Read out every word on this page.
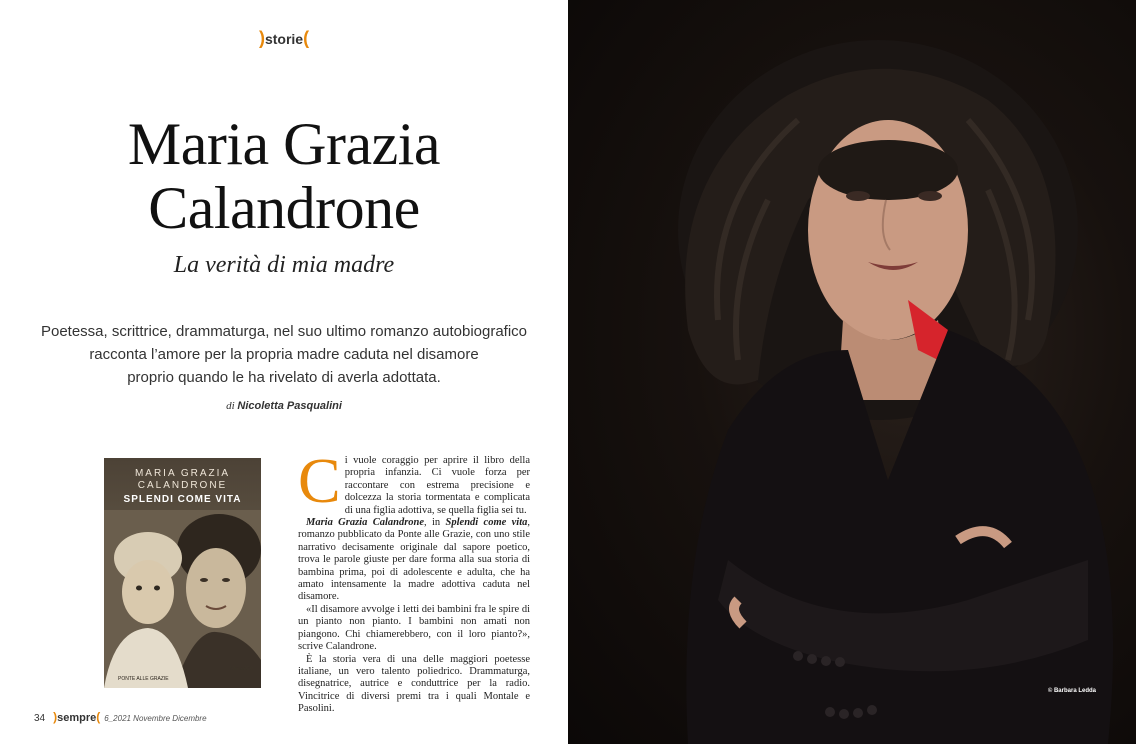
)storie(
Maria Grazia
Calandrone
La verità di mia madre
Poetessa, scrittrice, drammaturga, nel suo ultimo romanzo autobiografico
racconta l’amore per la propria madre caduta nel disamore
proprio quando le ha rivelato di averla adottata.
di Nicoletta Pasqualini
MARIA GRAZIA
CALANDRONE
SPLENDI COME VITA
romanzo
PONTE ALLE GRAZIE

Ci vuole coraggio per aprire il libro della propria infanzia. Ci vuole forza per raccontare con estrema precisione e dolcezza la storia tormentata e complicata di una figlia adottiva, se quella figlia sei tu.

Maria Grazia Calandrone, in Splendi come vita, romanzo pubblicato da Ponte alle Grazie, con uno stile narrativo decisamente originale dal sapore poetico, trova le parole giuste per dare forma alla sua storia di bambina prima, poi di adolescente e adulta, che ha amato intensamente la madre adottiva caduta nel disamore.

«Il disamore avvolge i letti dei bambini fra le spire di un pianto non pianto. I bambini non amati non piangono. Chi chiamerebbero, con il loro pianto?», scrive Calandrone.

È la storia vera di una delle maggiori poetesse italiane, un vero talento poliedrico. Drammaturga, disegnatrice, autrice e conduttrice per la radio. Vincitrice di diversi premi tra i quali Montale e Pasolini.

34 )sempre( 6_2021 Novembre Dicembre
© Barbara Ledda
